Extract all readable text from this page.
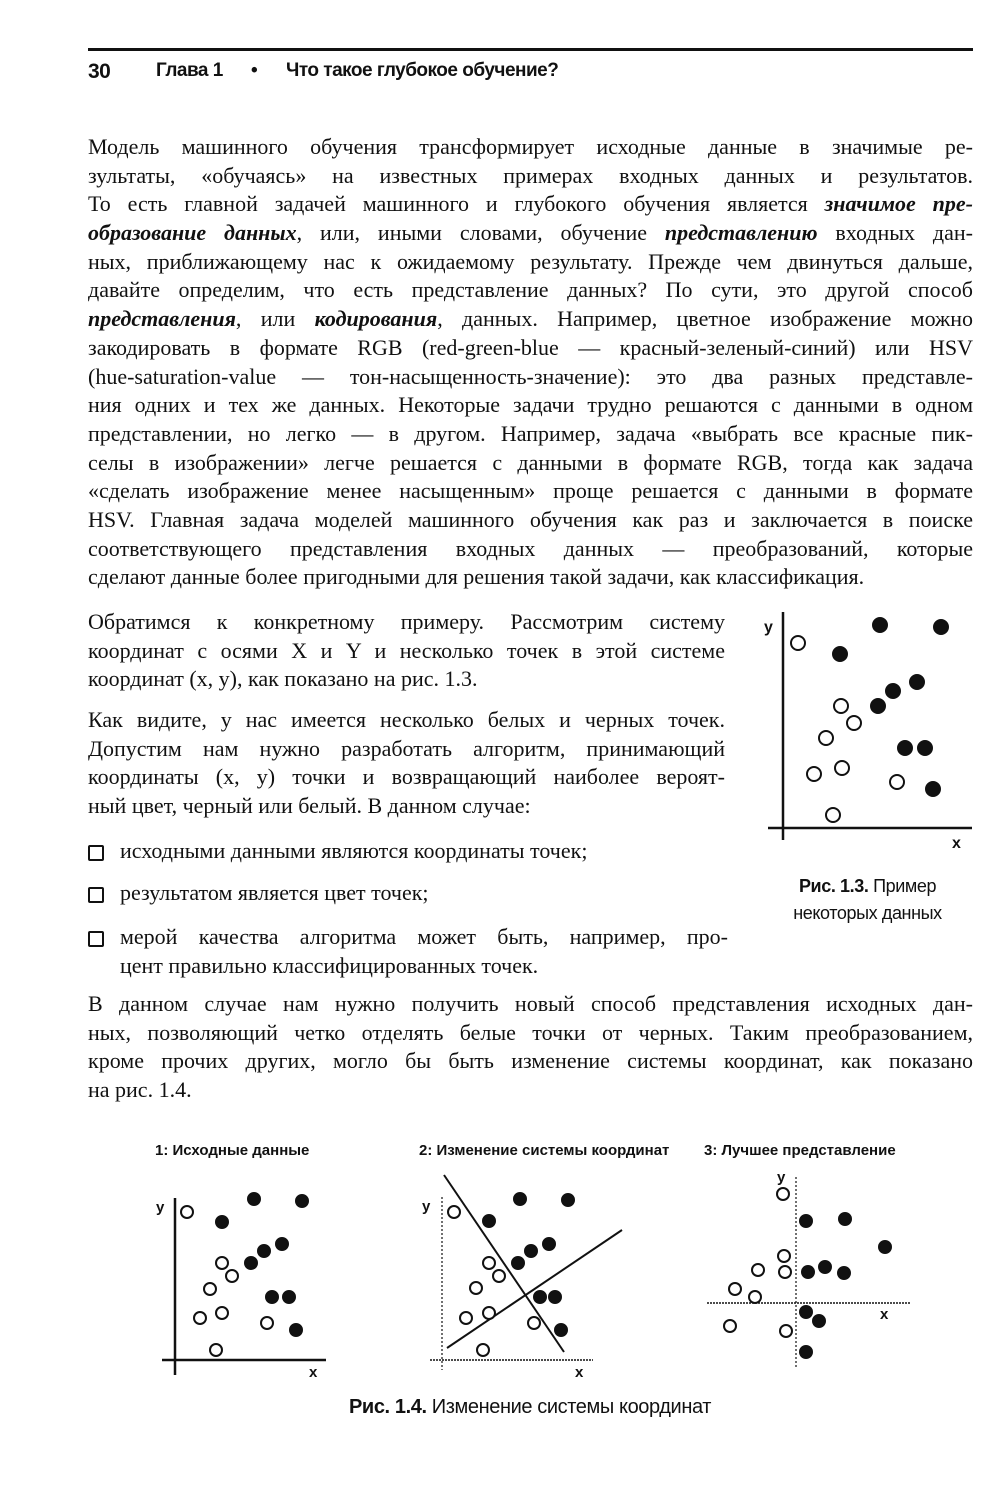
30 Глава 1 • Что такое глубокое обучение?
Модель машинного обучения трансформирует исходные данные в значимые ре-
зультаты, «обучаясь» на известных примерах входных данных и результатов.
То есть главной задачей машинного и глубокого обучения является значимое пре-
образование данных, или, иными словами, обучение представлению входных дан-
ных, приближающему нас к ожидаемому результату. Прежде чем двинуться дальше,
давайте определим, что есть представление данных? По сути, это другой способ
представления, или кодирования, данных. Например, цветное изображение можно
закодировать в формате RGB (red-green-blue — красный-зеленый-синий) или HSV
(hue-saturation-value — тон-насыщенность-значение): это два разных представле-
ния одних и тех же данных. Некоторые задачи трудно решаются с данными в одном
представлении, но легко — в другом. Например, задача «выбрать все красные пик-
селы в изображении» легче решается с данными в формате RGB, тогда как задача
«сделать изображение менее насыщенным» проще решается с данными в формате
HSV. Главная задача моделей машинного обучения как раз и заключается в поиске
соответствующего представления входных данных — преобразований, которые
сделают данные более пригодными для решения такой задачи, как классификация.
Обратимся к конкретному примеру. Рассмотрим систему
координат с осями X и Y и несколько точек в этой системе
координат (x, y), как показано на рис. 1.3.
Как видите, у нас имеется несколько белых и черных точек.
Допустим нам нужно разработать алгоритм, принимающий
координаты (x, y) точки и возвращающий наиболее вероят-
ный цвет, черный или белый. В данном случае:
В данном случае нам нужно получить новый способ представления исходных дан-
ных, позволяющий четко отделять белые точки от черных. Таким преобразованием,
кроме прочих других, могло бы быть изменение системы координат, как показано
на рис. 1.4.
исходными данными являются координаты точек;
результатом является цвет точек;
мерой качества алгоритма может быть, например, про-
цент правильно классифицированных точек.
Рис. 1.3. Пример
некоторых данных
Рис. 1.4. Изменение системы координат
y
x
1: Исходные данные	2: Изменение системы координат 3: Лучшее представление
y
x
y
x
y
x
